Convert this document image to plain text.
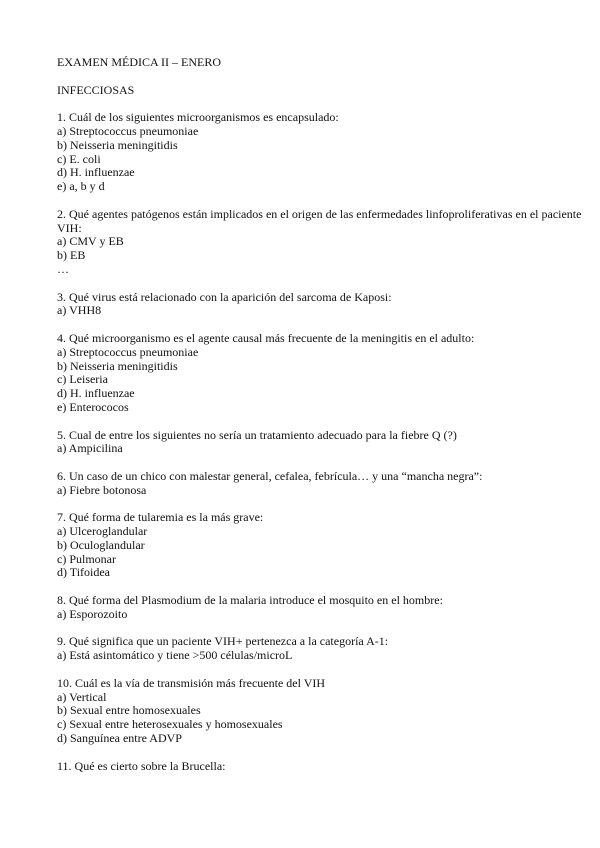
EXAMEN MÉDICA II – ENERO
INFECCIOSAS
1. Cuál de los siguientes microorganismos es encapsulado:
a) Streptococcus pneumoniae
b) Neisseria meningitidis
c) E. coli
d) H. influenzae
e) a, b y d
2. Qué agentes patógenos están implicados en el origen de las enfermedades linfoproliferativas en el paciente VIH:
a) CMV y EB
b) EB
…
3. Qué virus está relacionado con la aparición del sarcoma de Kaposi:
a) VHH8
4. Qué microorganismo es el agente causal más frecuente de la meningitis en el adulto:
a) Streptococcus pneumoniae
b) Neisseria meningitidis
c) Leiseria
d) H. influenzae
e) Enterococos
5. Cual de entre los siguientes no sería un tratamiento adecuado para la fiebre Q (?)
a) Ampicilina
6. Un caso de un chico con malestar general, cefalea, febrícula… y una “mancha negra”:
a) Fiebre botonosa
7. Qué forma de tularemia es la más grave:
a) Ulceroglandular
b) Oculoglandular
c) Pulmonar
d) Tifoidea
8. Qué forma del Plasmodium de la malaria introduce el mosquito en el hombre:
a) Esporozoito
9. Qué significa que un paciente VIH+ pertenezca a la categoría A-1:
a) Está asintomático y tiene >500 células/microL
10. Cuál es la vía de transmisión más frecuente del VIH
a) Vertical
b) Sexual entre homosexuales
c) Sexual entre heterosexuales y homosexuales
d) Sanguínea entre ADVP
11. Qué es cierto sobre la Brucella:
